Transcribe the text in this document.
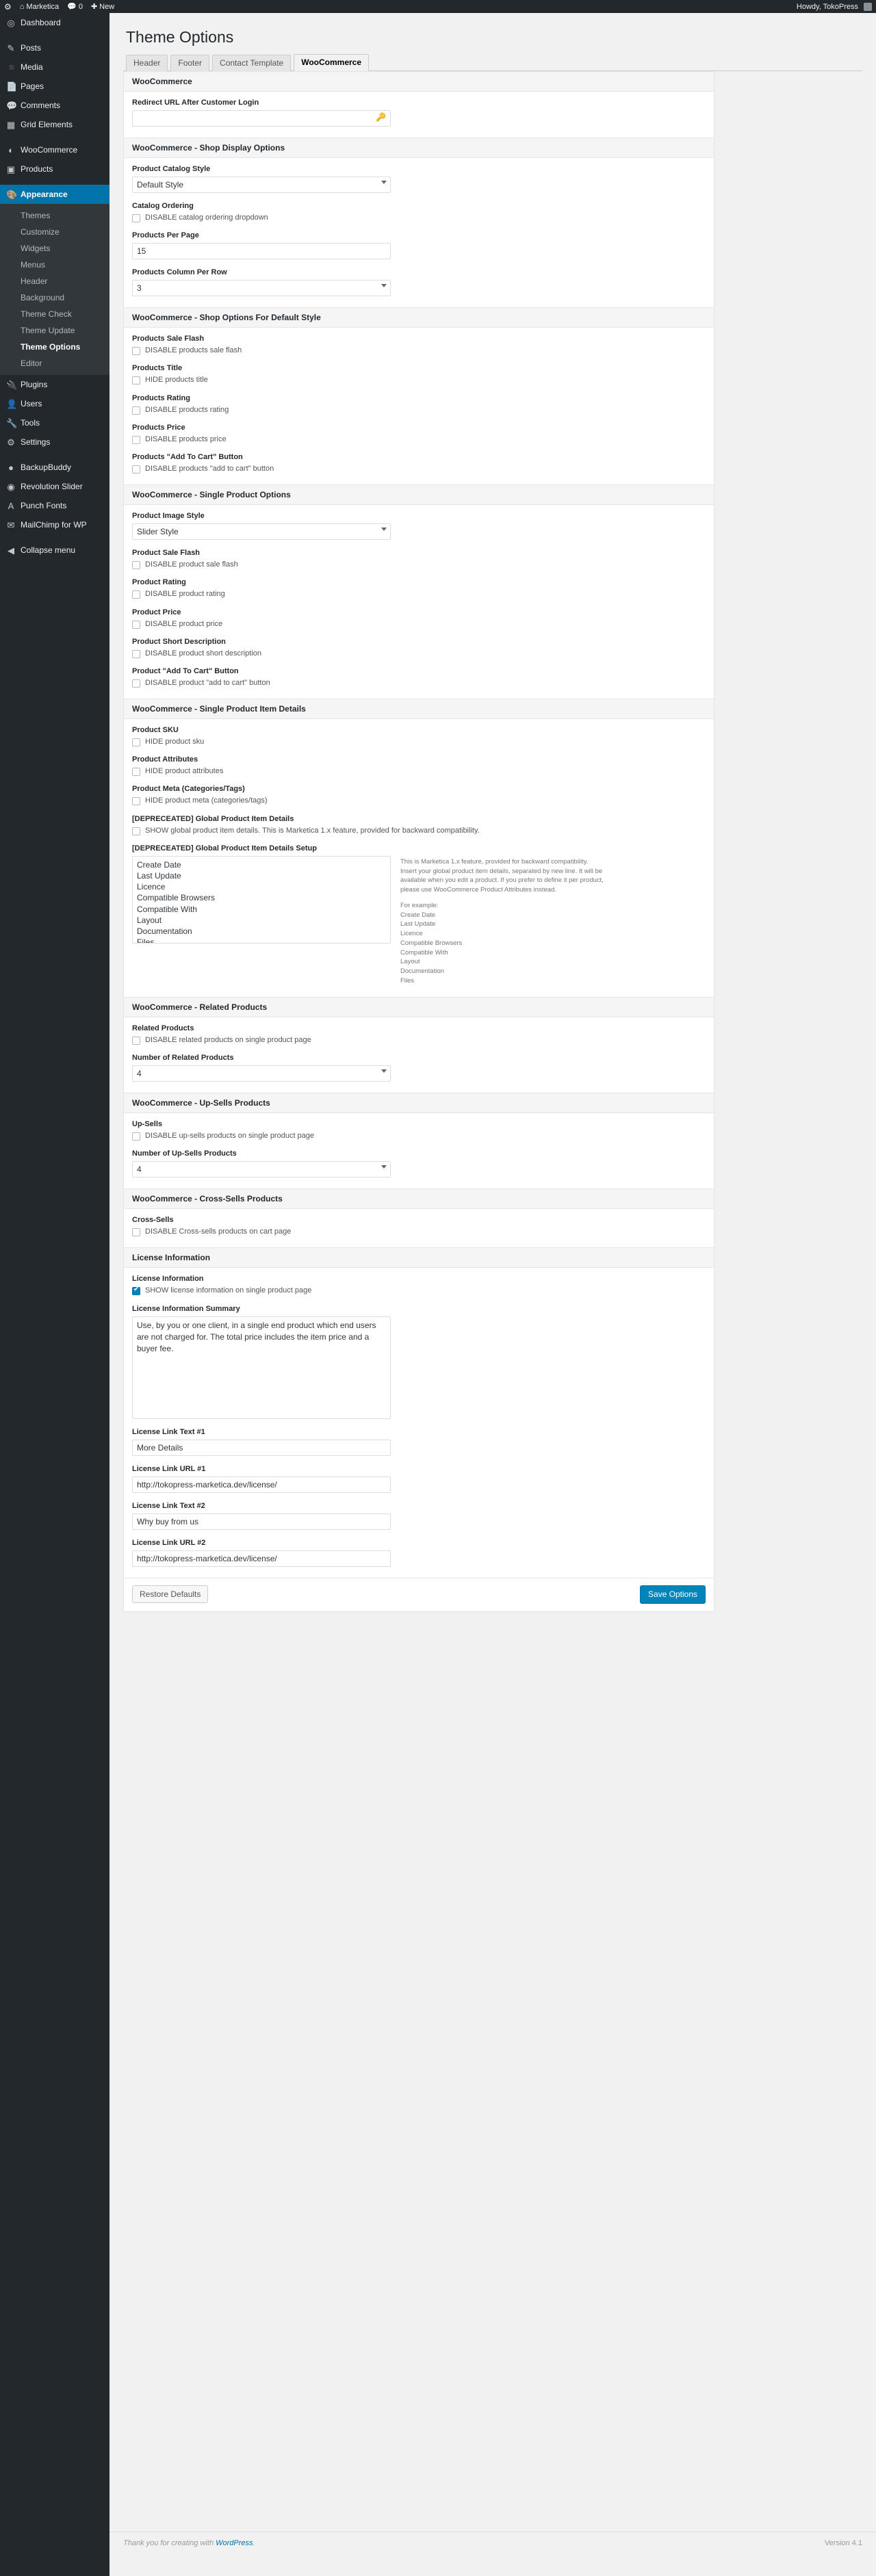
⚙ ⌂ Marketica 💬 0 ✚ New	Howdy, TokoPress
◎ Dashboard
✎ Posts
◾ Media
📄 Pages
💬 Comments
▦ Grid Elements
◐ WooCommerce
▣ Products
🎨 Appearance
Themes
Customize
Widgets
Menus
Header
Background
Theme Check
Theme Update
Theme Options
Editor
🔌 Plugins
👤 Users
🔧 Tools
⚙ Settings
● BackupBuddy
◉ Revolution Slider
A Punch Fonts
✉ MailChimp for WP
◀ Collapse menu
Theme Options
Header	Footer	Contact Template	WooCommerce
WooCommerce
Redirect URL After Customer Login
🔑
WooCommerce - Shop Display Options
Product Catalog Style
Default Style
Catalog Ordering
DISABLE catalog ordering dropdown
Products Per Page
15
Products Column Per Row
3
WooCommerce - Shop Options For Default Style
Products Sale Flash
DISABLE products sale flash
Products Title
HIDE products title
Products Rating
DISABLE products rating
Products Price
DISABLE products price
Products "Add To Cart" Button
DISABLE products "add to cart" button
WooCommerce - Single Product Options
Product Image Style
Slider Style
Product Sale Flash
DISABLE product sale flash
Product Rating
DISABLE product rating
Product Price
DISABLE product price
Product Short Description
DISABLE product short description
Product "Add To Cart" Button
DISABLE product "add to cart" button
WooCommerce - Single Product Item Details
Product SKU
HIDE product sku
Product Attributes
HIDE product attributes
Product Meta (Categories/Tags)
HIDE product meta (categories/tags)
[DEPRECEATED] Global Product Item Details
SHOW global product item details. This is Marketica 1.x feature, provided for backward compatibility.
[DEPRECEATED] Global Product Item Details Setup
Create Date Last Update Licence Compatible Browsers Compatible With Layout Documentation Files
This is Marketica 1.x feature, provided for backward compatibility. Insert your global product item details, separated by new line. It will be available when you edit a product. If you prefer to define it per product, please use WooCommerce Product Attributes instead.
For example:
Create Date
Last Update
Licence
Compatible Browsers
Compatible With
Layout
Documentation
Files
WooCommerce - Related Products
Related Products
DISABLE related products on single product page
Number of Related Products
4
WooCommerce - Up-Sells Products
Up-Sells
DISABLE up-sells products on single product page
Number of Up-Sells Products
4
WooCommerce - Cross-Sells Products
Cross-Sells
DISABLE Cross-sells products on cart page
License Information
License Information
✔
SHOW license information on single product page
License Information Summary
Use, by you or one client, in a single end product which end users are not charged for. The total price includes the item price and a buyer fee.
License Link Text #1
More Details
License Link URL #1
http://tokopress-marketica.dev/license/
License Link Text #2
Why buy from us
License Link URL #2
http://tokopress-marketica.dev/license/
Restore Defaults	Save Options
Thank you for creating with WordPress.	Version 4.1
